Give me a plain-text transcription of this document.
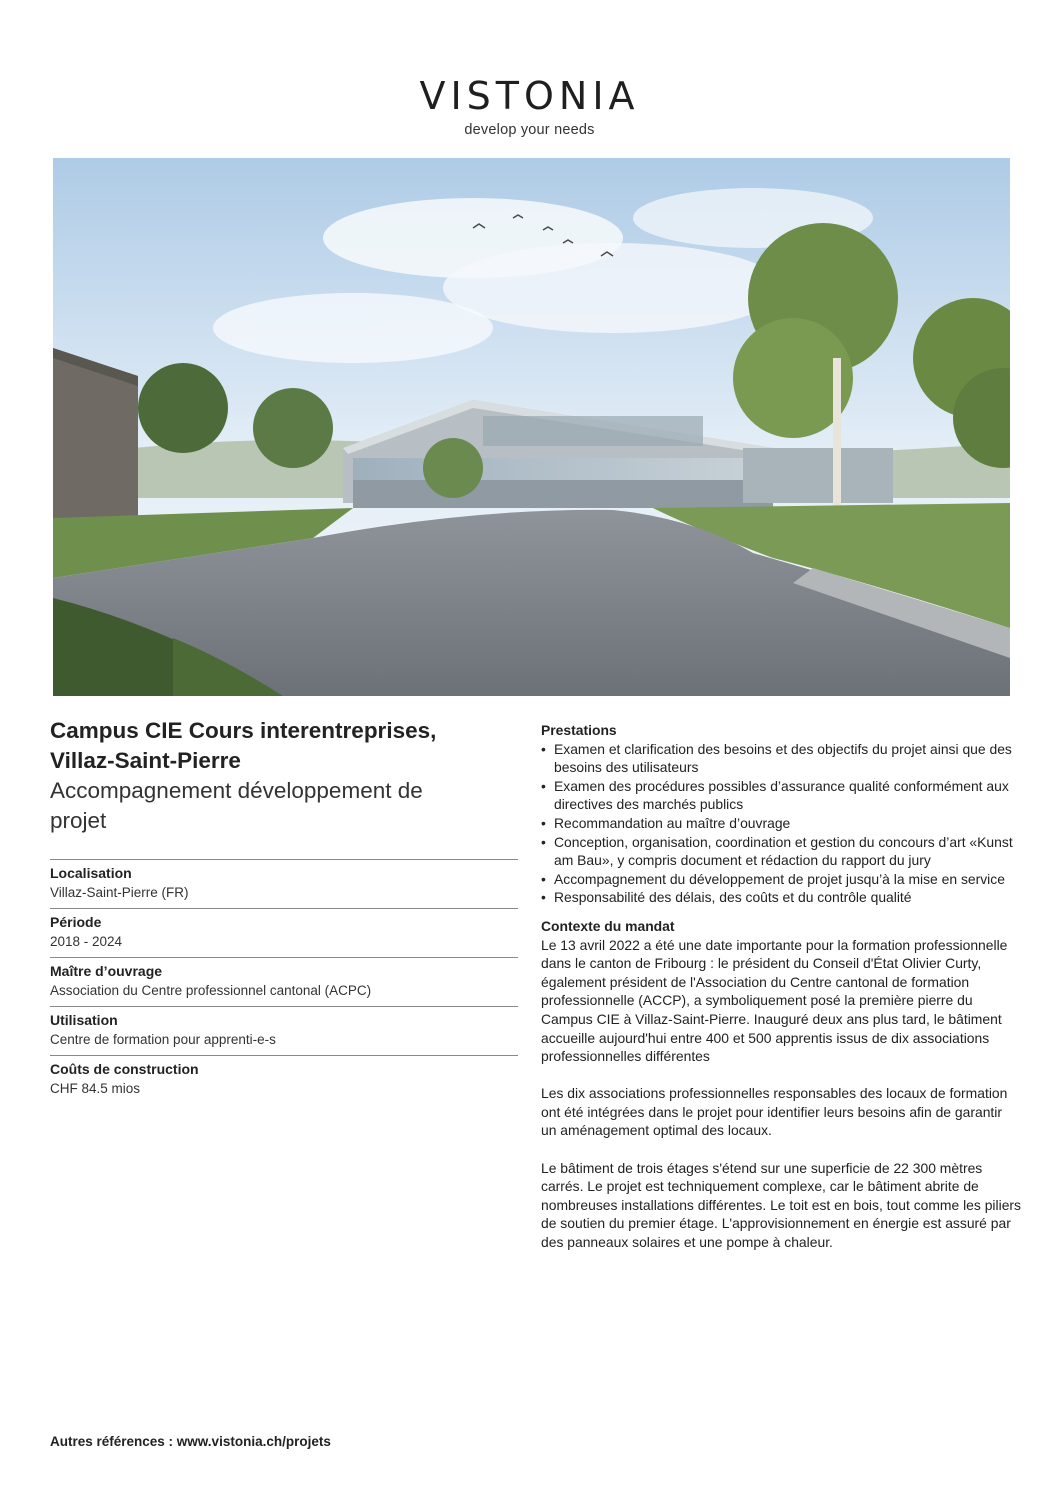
VISTONIA
develop your needs
Campus CIE Cours interentreprises,
Villaz-Saint-Pierre
Accompagnement développement de
projet
Localisation
Villaz-Saint-Pierre (FR)
Période
2018 - 2024
Maître d’ouvrage
Association du Centre professionnel cantonal (ACPC)
Utilisation
Centre de formation pour apprenti-e-s
Coûts de construction
CHF 84.5 mios
Prestations
• Examen et clarification des besoins et des objectifs du projet ainsi que des besoins des utilisateurs
• Examen des procédures possibles d’assurance qualité conformément aux directives des marchés publics
• Recommandation au maître d’ouvrage
• Conception, organisation, coordination et gestion du concours d’art «Kunst am Bau», y compris document et rédaction du rapport du jury
• Accompagnement du développement de projet jusqu’à la mise en service
• Responsabilité des délais, des coûts et du contrôle qualité
Contexte du mandat

Le 13 avril 2022 a été une date importante pour la formation professionnelle dans le canton de Fribourg : le président du Conseil d'État Olivier Curty, également président de l'Association du Centre cantonal de formation professionnelle (ACCP), a symboliquement posé la première pierre du Campus CIE à Villaz-Saint-Pierre. Inauguré deux ans plus tard, le bâtiment accueille aujourd'hui entre 400 et 500 apprentis issus de dix associations professionnelles différentes

Les dix associations professionnelles responsables des locaux de formation ont été intégrées dans le projet pour identifier leurs besoins afin de garantir un aménagement optimal des locaux.

Le bâtiment de trois étages s'étend sur une superficie de 22 300 mètres carrés. Le projet est techniquement complexe, car le bâtiment abrite de nombreuses installations différentes. Le toit est en bois, tout comme les piliers de soutien du premier étage. L'approvisionnement en énergie est assuré par des panneaux solaires et une pompe à chaleur.

Autres références : www.vistonia.ch/projets
